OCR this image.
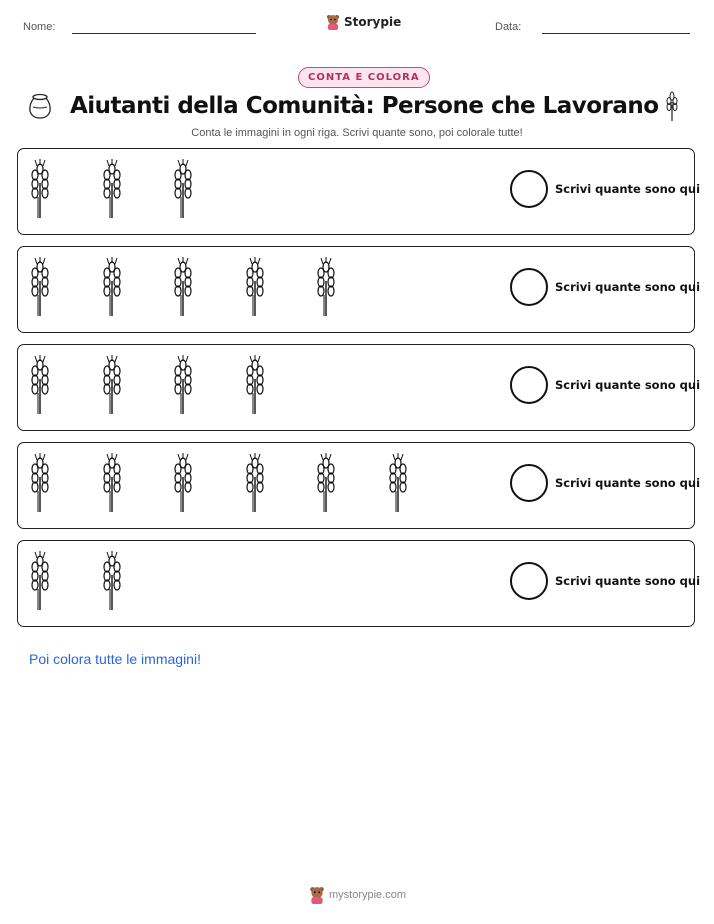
Nome:	Storypie	Data:
CONTA E COLORA
Aiutanti della Comunità: Persone che Lavorano
Conta le immagini in ogni riga. Scrivi quante sono, poi colorale tutte!
Scrivi quante sono qui
Scrivi quante sono qui
Scrivi quante sono qui
Scrivi quante sono qui
Scrivi quante sono qui
Poi colora tutte le immagini!
mystorypie.com
